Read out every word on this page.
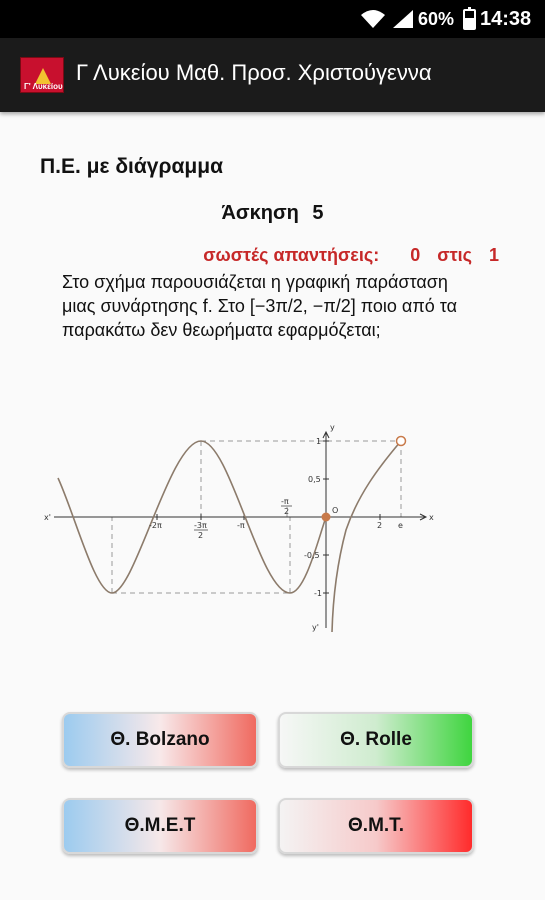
60% 14:38
Γ' Λυκείου
Γ Λυκείου Μαθ. Προσ. Χριστούγεννα
Π.Ε. με διάγραμμα
Άσκηση 5
σωστές απαντήσεις: 0 στις 1
Στο σχήμα παρουσιάζεται η γραφική παράσταση μιας συνάρτησης f. Στο [−3π/2, −π/2] ποιο από τα παρακάτω δεν θεωρήματα εφαρμόζεται;
x'	x
y
y'
1
0,5
-0,5
-1
-2π	-3π
2
-π
-π
2	O
2 e
Θ. Bolzano	Θ. Rolle
Θ.Μ.Ε.Τ	Θ.Μ.Τ.
